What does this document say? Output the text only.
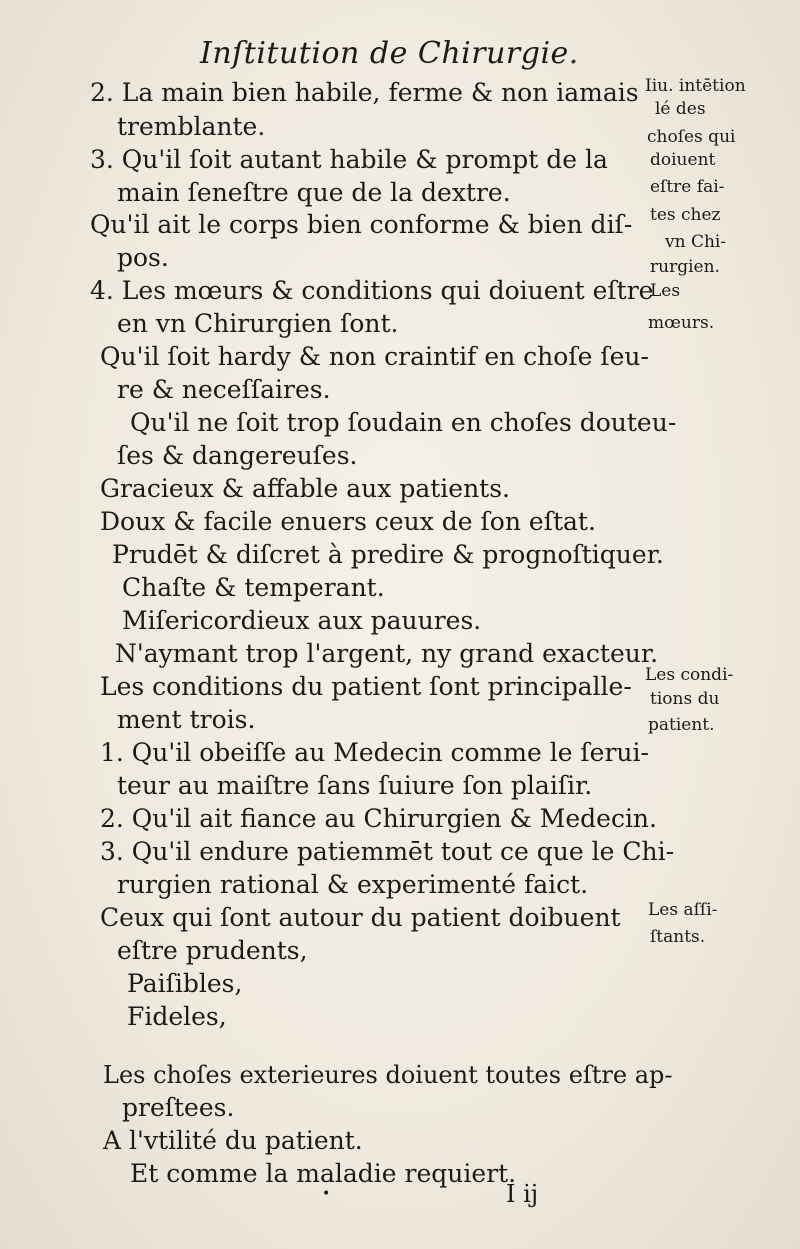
Inſtitution de Chirurgie.
2. La main bien habile, ferme & non iamais
tremblante.
3. Qu'il ſoit autant habile & prompt de la
main ſeneſtre que de la dextre.
Qu'il ait le corps bien conforme & bien diſ-
pos.
4. Les mœurs & conditions qui doiuent eſtre
en vn Chirurgien ſont.
Qu'il ſoit hardy & non craintif en choſe ſeu-
re & neceſſaires.
Qu'il ne ſoit trop ſoudain en choſes douteu-
ſes & dangereuſes.
Gracieux & affable aux patients.
Doux & facile enuers ceux de ſon eſtat.
Prudēt & diſcret à predire & prognoſtiquer.
Chaſte & temperant.
Miſericordieux aux pauures.
N'aymant trop l'argent, ny grand exacteur.
Les conditions du patient ſont principalle-
ment trois.
1. Qu'il obeiſſe au Medecin comme le ſerui-
teur au maiſtre ſans ſuiure ſon plaiſir.
2. Qu'il ait fiance au Chirurgien & Medecin.
3. Qu'il endure patiemmēt tout ce que le Chi-
rurgien rational & experimenté faict.
Ceux qui ſont autour du patient doibuent
eſtre prudents,
Paiſibles,
Fideles,
Les choſes exterieures doiuent toutes eſtre ap-
preſtees.
A l'vtilité du patient.
Et comme la maladie requiert.
Iiu. intētion
lé des
choſes qui
doiuent
eſtre fai-
tes chez
vn Chi-
rurgien.
Les
mœurs.
Les condi-
tions du
patient.
Les aſſi-
ſtants.
•	I ij
